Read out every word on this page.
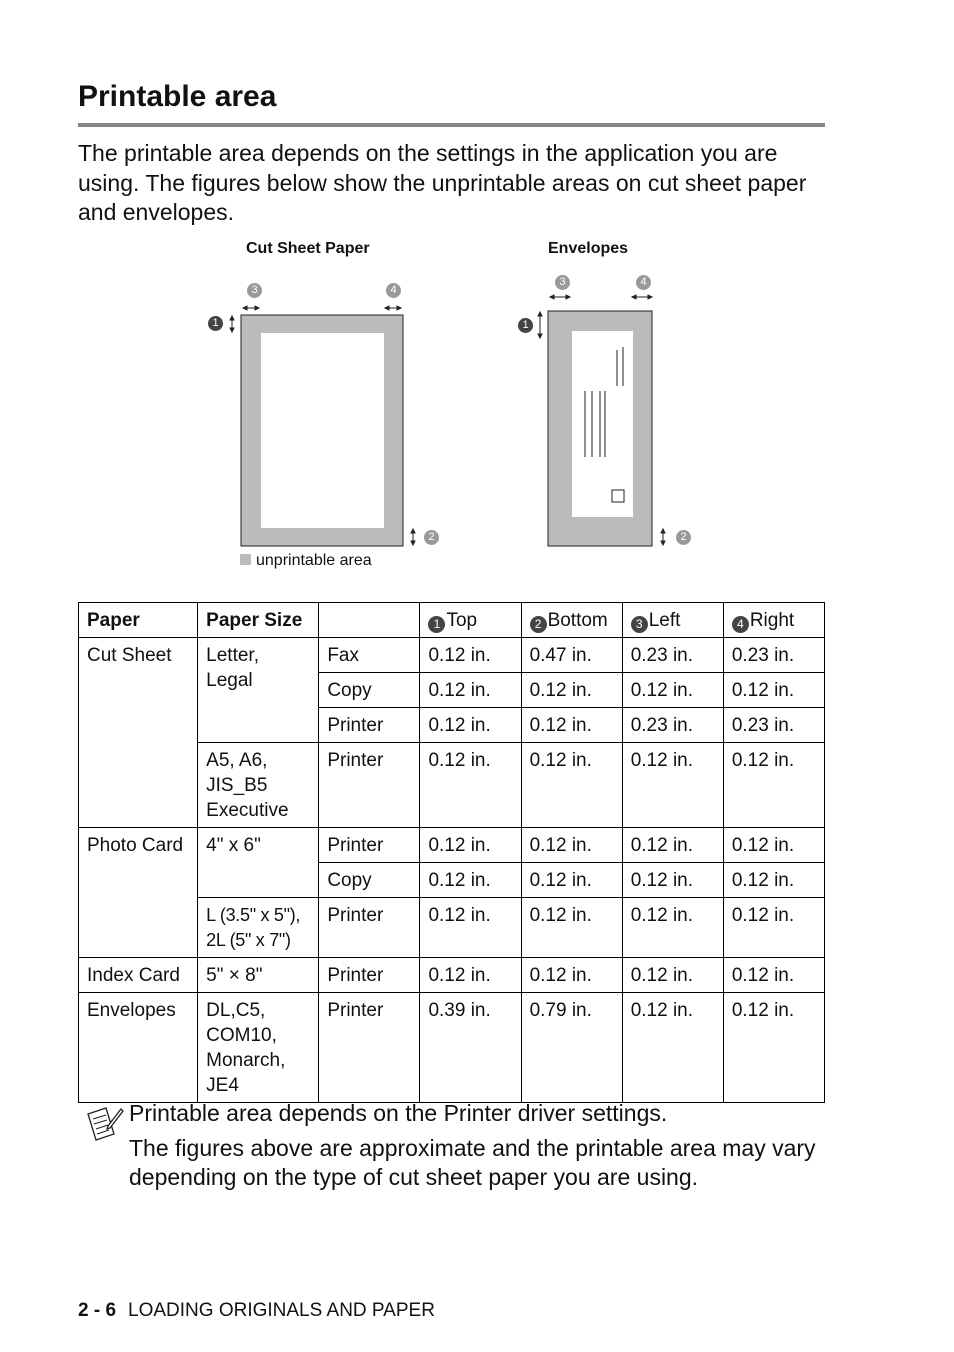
Printable area

The printable area depends on the settings in the application you are using. The figures below show the unprintable areas on cut sheet paper and envelopes.

Cut Sheet Paper	Envelopes
1
2
3	4
1
2
3	4
unprintable area
Paper	Paper Size		1 Top	2 Bottom	3 Left	4 Right
Cut Sheet	Letter, Legal	Fax	0.12 in.	0.47 in.	0.23 in.	0.23 in.
		Copy	0.12 in.	0.12 in.	0.12 in.	0.12 in.
		Printer	0.12 in.	0.12 in.	0.23 in.	0.23 in.
	A5, A6, JIS_B5 Executive	Printer	0.12 in.	0.12 in.	0.12 in.	0.12 in.
Photo Card	4" x 6"	Printer	0.12 in.	0.12 in.	0.12 in.	0.12 in.
		Copy	0.12 in.	0.12 in.	0.12 in.	0.12 in.
	L (3.5" x 5"), 2L (5" x 7")	Printer	0.12 in.	0.12 in.	0.12 in.	0.12 in.
Index Card	5" × 8"	Printer	0.12 in.	0.12 in.	0.12 in.	0.12 in.
Envelopes	DL,C5, COM10, Monarch, JE4	Printer	0.39 in.	0.79 in.	0.12 in.	0.12 in.

Printable area depends on the Printer driver settings.

The figures above are approximate and the printable area may vary depending on the type of cut sheet paper you are using.

2 - 6 LOADING ORIGINALS AND PAPER
